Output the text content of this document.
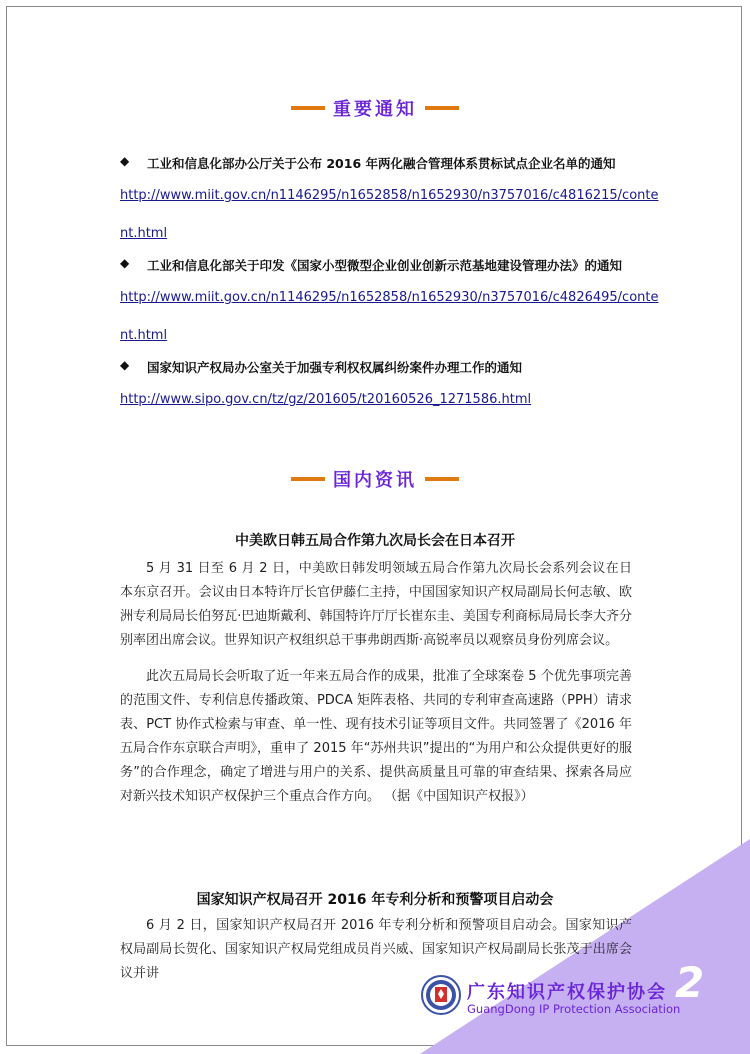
重要通知
◆ 工业和信息化部办公厅关于公布 2016 年两化融合管理体系贯标试点企业名单的通知
http://www.miit.gov.cn/n1146295/n1652858/n1652930/n3757016/c4816215/conte
nt.html
◆ 工业和信息化部关于印发《国家小型微型企业创业创新示范基地建设管理办法》的通知
http://www.miit.gov.cn/n1146295/n1652858/n1652930/n3757016/c4826495/conte
nt.html
◆ 国家知识产权局办公室关于加强专利权权属纠纷案件办理工作的通知
http://www.sipo.gov.cn/tz/gz/201605/t20160526_1271586.html
国内资讯
中美欧日韩五局合作第九次局长会在日本召开
5 月 31 日至 6 月 2 日，中美欧日韩发明领域五局合作第九次局长会系列会议在日本东京召开。会议由日本特许厅长官伊藤仁主持，中国国家知识产权局副局长何志敏、欧洲专利局局长伯努瓦·巴迪斯戴利、韩国特许厅厅长崔东圭、美国专利商标局局长李大齐分别率团出席会议。世界知识产权组织总干事弗朗西斯·高锐率员以观察员身份列席会议。
此次五局局长会听取了近一年来五局合作的成果，批准了全球案卷 5 个优先事项完善的范围文件、专利信息传播政策、PDCA 矩阵表格、共同的专利审查高速路（PPH）请求表、PCT 协作式检索与审查、单一性、现有技术引证等项目文件。共同签署了《2016 年五局合作东京联合声明》，重申了 2015 年“苏州共识”提出的“为用户和公众提供更好的服务”的合作理念，确定了增进与用户的关系、提供高质量且可靠的审查结果、探索各局应对新兴技术知识产权保护三个重点合作方向。 （据《中国知识产权报》）
国家知识产权局召开 2016 年专利分析和预警项目启动会
6 月 2 日，国家知识产权局召开 2016 年专利分析和预警项目启动会。国家知识产权局副局长贺化、国家知识产权局党组成员肖兴威、国家知识产权局副局长张茂于出席会议并讲
广东知识产权保护协会
GuangDong IP Protection Association
2
